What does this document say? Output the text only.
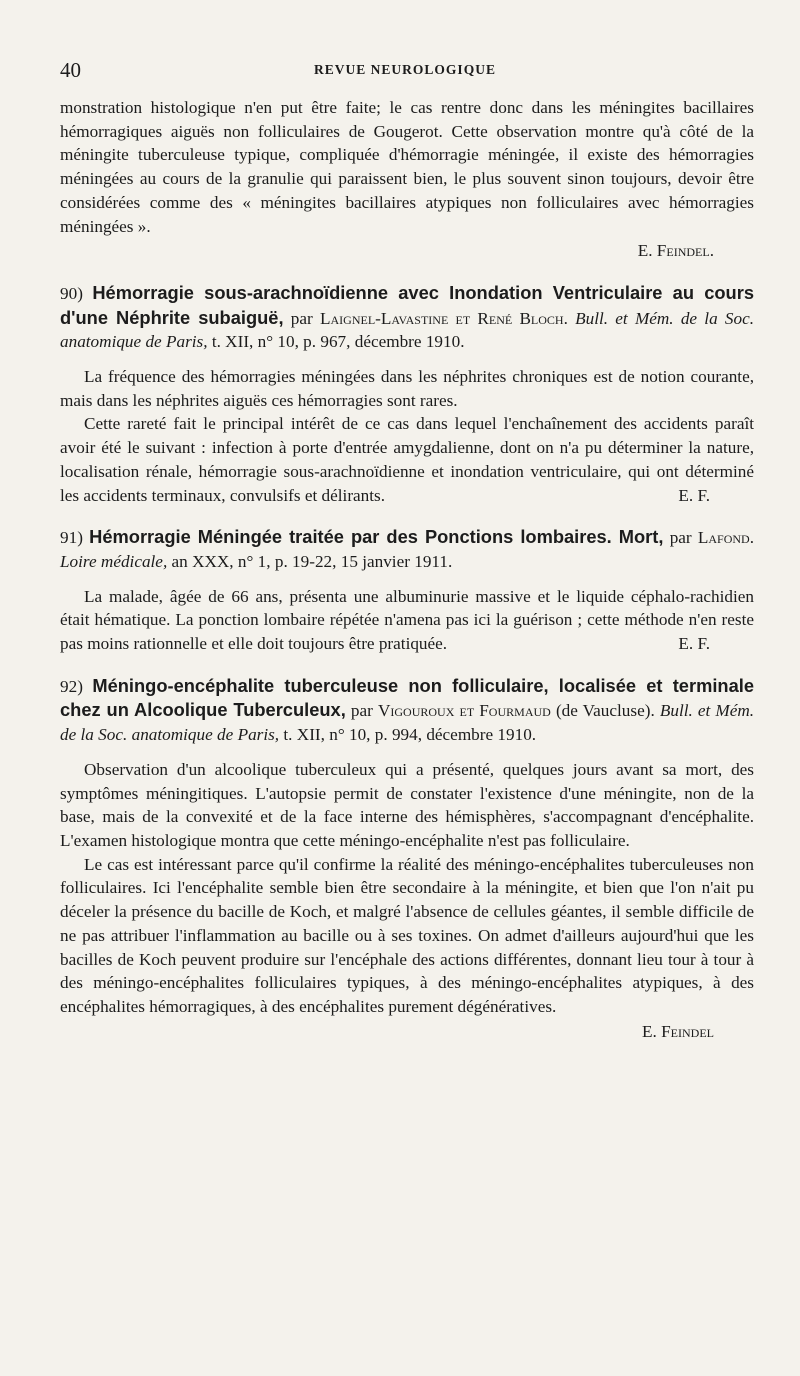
40	REVUE NEUROLOGIQUE

monstration histologique n'en put être faite; le cas rentre donc dans les méningites bacillaires hémorragiques aiguës non folliculaires de Gougerot. Cette observation montre qu'à côté de la méningite tuberculeuse typique, compliquée d'hémorragie méningée, il existe des hémorragies méningées au cours de la granulie qui paraissent bien, le plus souvent sinon toujours, devoir être considérées comme des « méningites bacillaires atypiques non folliculaires avec hémorragies méningées ».

E. Feindel.

90) Hémorragie sous-arachnoïdienne avec Inondation Ventriculaire au cours d'une Néphrite subaiguë, par Laignel-Lavastine et René Bloch. Bull. et Mém. de la Soc. anatomique de Paris, t. XII, n° 10, p. 967, décembre 1910.

La fréquence des hémorragies méningées dans les néphrites chroniques est de notion courante, mais dans les néphrites aiguës ces hémorragies sont rares.

Cette rareté fait le principal intérêt de ce cas dans lequel l'enchaînement des accidents paraît avoir été le suivant : infection à porte d'entrée amygdalienne, dont on n'a pu déterminer la nature, localisation rénale, hémorragie sous-arachnoïdienne et inondation ventriculaire, qui ont déterminé les accidents terminaux, convulsifs et délirants.	E. F.

91) Hémorragie Méningée traitée par des Ponctions lombaires. Mort, par Lafond. Loire médicale, an XXX, n° 1, p. 19-22, 15 janvier 1911.

La malade, âgée de 66 ans, présenta une albuminurie massive et le liquide céphalo-rachidien était hématique. La ponction lombaire répétée n'amena pas ici la guérison ; cette méthode n'en reste pas moins rationnelle et elle doit toujours être pratiquée.	E. F.

92) Méningo-encéphalite tuberculeuse non folliculaire, localisée et terminale chez un Alcoolique Tuberculeux, par Vigouroux et Fourmaud (de Vaucluse). Bull. et Mém. de la Soc. anatomique de Paris, t. XII, n° 10, p. 994, décembre 1910.

Observation d'un alcoolique tuberculeux qui a présenté, quelques jours avant sa mort, des symptômes méningitiques. L'autopsie permit de constater l'existence d'une méningite, non de la base, mais de la convexité et de la face interne des hémisphères, s'accompagnant d'encéphalite. L'examen histologique montra que cette méningo-encéphalite n'est pas folliculaire.

Le cas est intéressant parce qu'il confirme la réalité des méningo-encéphalites tuberculeuses non folliculaires. Ici l'encéphalite semble bien être secondaire à la méningite, et bien que l'on n'ait pu déceler la présence du bacille de Koch, et malgré l'absence de cellules géantes, il semble difficile de ne pas attribuer l'inflammation au bacille ou à ses toxines. On admet d'ailleurs aujourd'hui que les bacilles de Koch peuvent produire sur l'encéphale des actions différentes, donnant lieu tour à tour à des méningo-encéphalites folliculaires typiques, à des méningo-encéphalites atypiques, à des encéphalites hémorragiques, à des encéphalites purement dégénératives.

E. Feindel
